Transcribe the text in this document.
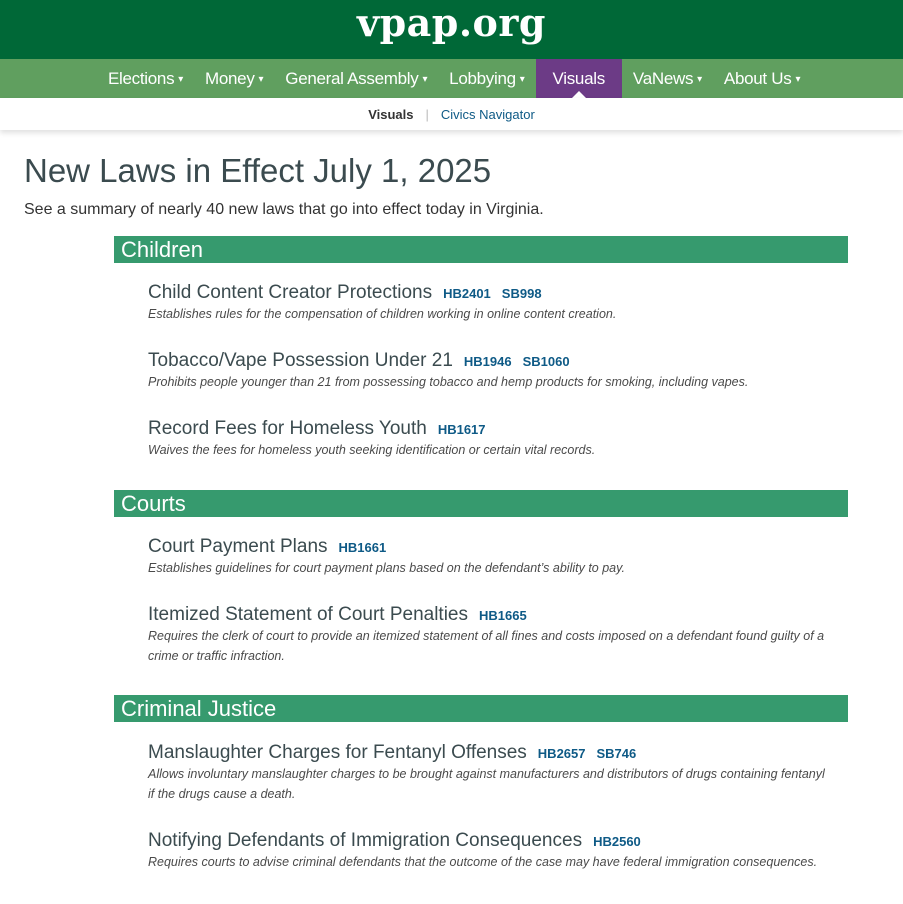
vpap.org
Elections ▾ Money ▾ General Assembly ▾ Lobbying ▾ Visuals VaNews ▾ About Us ▾
Visuals | Civics Navigator
New Laws in Effect July 1, 2025

See a summary of nearly 40 new laws that go into effect today in Virginia.

Children
Child Content Creator Protections HB2401 SB998
Establishes rules for the compensation of children working in online content creation.
Tobacco/Vape Possession Under 21 HB1946 SB1060
Prohibits people younger than 21 from possessing tobacco and hemp products for smoking, including vapes.
Record Fees for Homeless Youth HB1617
Waives the fees for homeless youth seeking identification or certain vital records.
Courts
Court Payment Plans HB1661
Establishes guidelines for court payment plans based on the defendant’s ability to pay.
Itemized Statement of Court Penalties HB1665
Requires the clerk of court to provide an itemized statement of all fines and costs imposed on a defendant found guilty of a crime or traffic infraction.
Criminal Justice
Manslaughter Charges for Fentanyl Offenses HB2657 SB746
Allows involuntary manslaughter charges to be brought against manufacturers and distributors of drugs containing fentanyl if the drugs cause a death.
Notifying Defendants of Immigration Consequences HB2560
Requires courts to advise criminal defendants that the outcome of the case may have federal immigration consequences.
